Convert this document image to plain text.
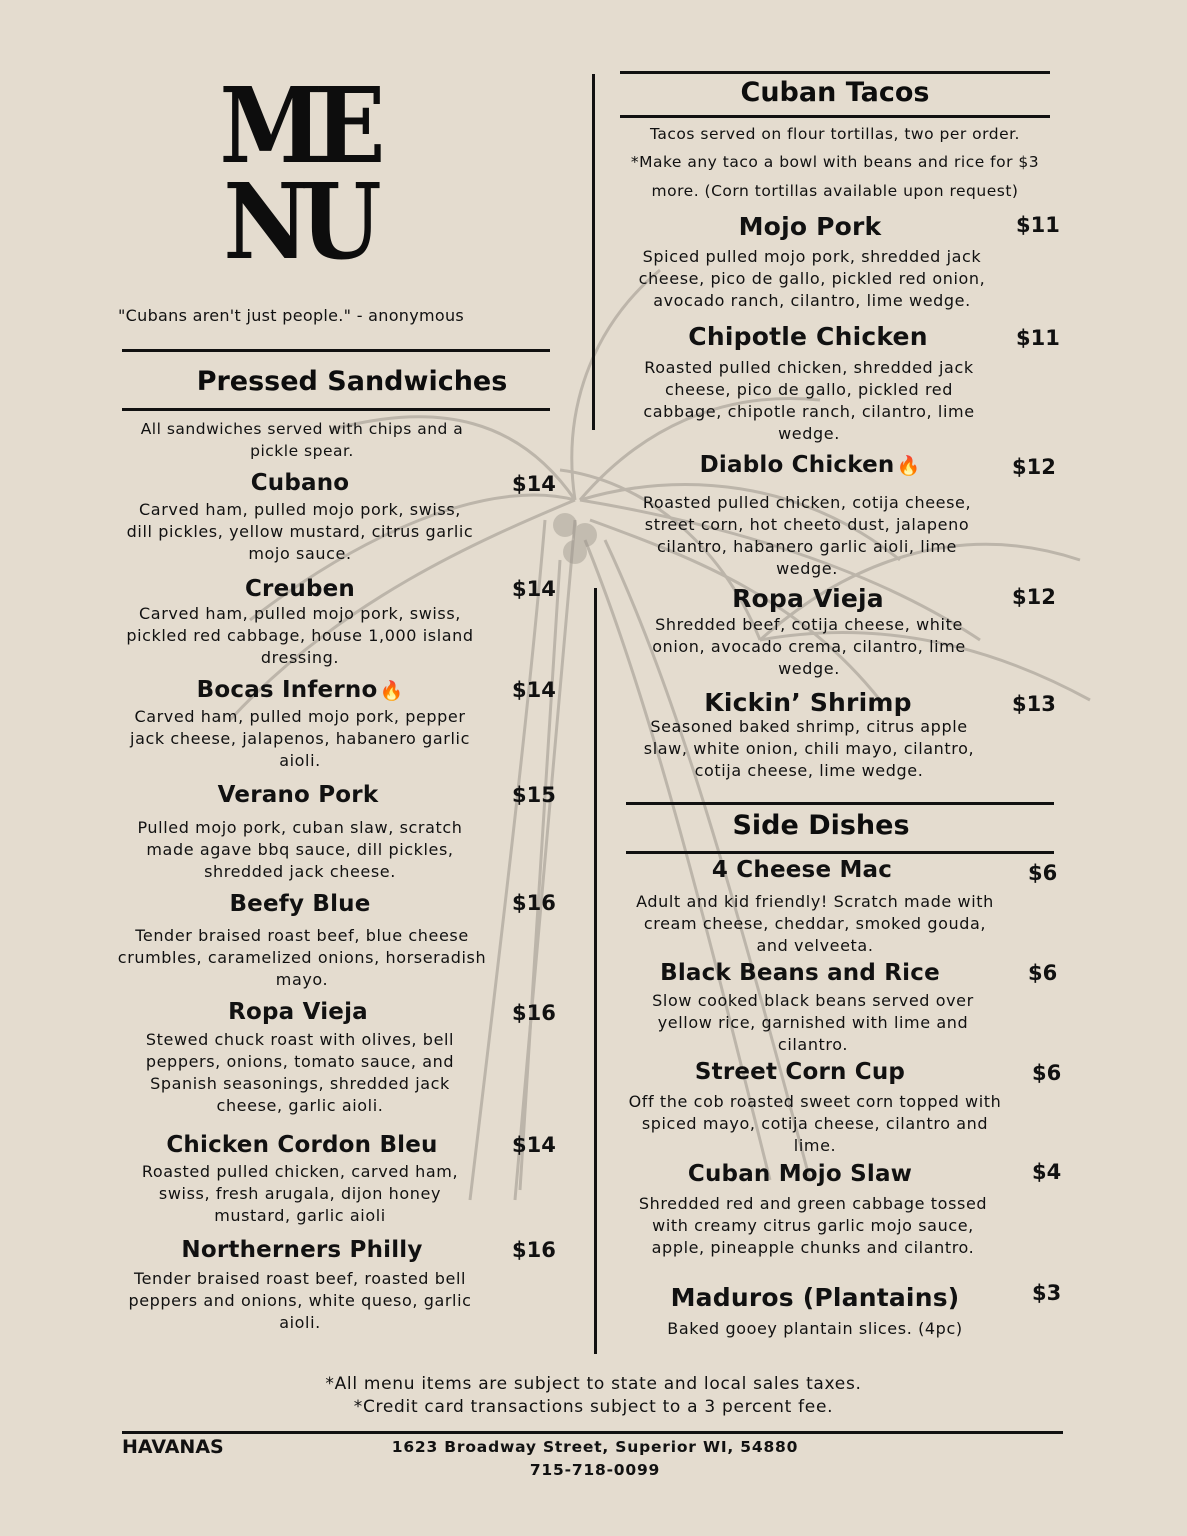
ME
NU
"Cubans aren't just people." - anonymous
Pressed Sandwiches
All sandwiches served with chips and a pickle spear.
Cubano	$14
Carved ham, pulled mojo pork, swiss, dill pickles, yellow mustard, citrus garlic mojo sauce.
Creuben	$14
Carved ham, pulled mojo pork, swiss, pickled red cabbage, house 1,000 island dressing.
Bocas Inferno 🔥	$14
Carved ham, pulled mojo pork, pepper jack cheese, jalapenos, habanero garlic aioli.
Verano Pork	$15
Pulled mojo pork, cuban slaw, scratch made agave bbq sauce, dill pickles, shredded jack cheese.
Beefy Blue	$16
Tender braised roast beef, blue cheese crumbles, caramelized onions, horseradish mayo.
Ropa Vieja	$16
Stewed chuck roast with olives, bell peppers, onions, tomato sauce, and Spanish seasonings, shredded jack cheese, garlic aioli.
Chicken Cordon Bleu	$14
Roasted pulled chicken, carved ham, swiss, fresh arugala, dijon honey mustard, garlic aioli
Northerners Philly	$16
Tender braised roast beef, roasted bell peppers and onions, white queso, garlic aioli.
Cuban Tacos
Tacos served on flour tortillas, two per order.
*Make any taco a bowl with beans and rice for $3
more. (Corn tortillas available upon request)
Mojo Pork	$11
Spiced pulled mojo pork, shredded jack cheese, pico de gallo, pickled red onion, avocado ranch, cilantro, lime wedge.
Chipotle Chicken	$11
Roasted pulled chicken, shredded jack cheese, pico de gallo, pickled red cabbage, chipotle ranch, cilantro, lime wedge.
Diablo Chicken 🔥	$12
Roasted pulled chicken, cotija cheese, street corn, hot cheeto dust, jalapeno cilantro, habanero garlic aioli, lime wedge.
Ropa Vieja	$12
Shredded beef, cotija cheese, white onion, avocado crema, cilantro, lime wedge.
Kickin’ Shrimp	$13
Seasoned baked shrimp, citrus apple slaw, white onion, chili mayo, cilantro, cotija cheese, lime wedge.
Side Dishes
4 Cheese Mac	$6
Adult and kid friendly! Scratch made with cream cheese, cheddar, smoked gouda, and velveeta.
Black Beans and Rice	$6
Slow cooked black beans served over yellow rice, garnished with lime and cilantro.
Street Corn Cup	$6
Off the cob roasted sweet corn topped with spiced mayo, cotija cheese, cilantro and lime.
Cuban Mojo Slaw	$4
Shredded red and green cabbage tossed with creamy citrus garlic mojo sauce, apple, pineapple chunks and cilantro.
Maduros (Plantains)	$3
Baked gooey plantain slices. (4pc)
*All menu items are subject to state and local sales taxes.
*Credit card transactions subject to a 3 percent fee.
HAVANAS	1623 Broadway Street, Superior WI, 54880
715-718-0099
